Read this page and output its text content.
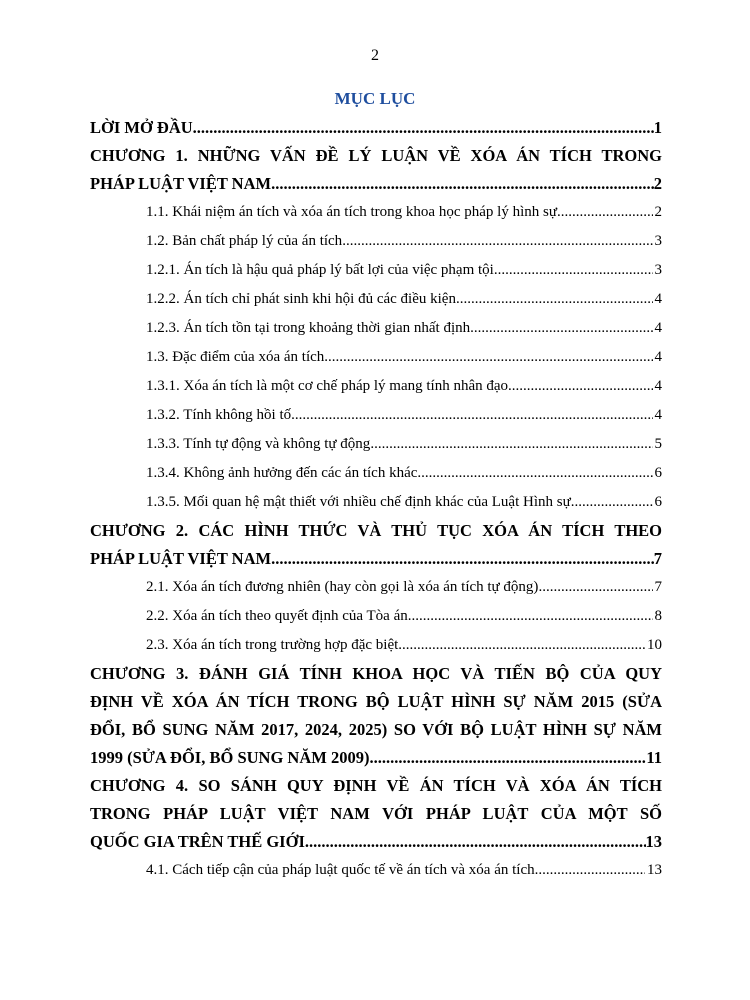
2
MỤC LỤC
LỜI MỞ ĐẦU .....	1
CHƯƠNG 1. NHỮNG VẤN ĐỀ LÝ LUẬN VỀ XÓA ÁN TÍCH TRONG
PHÁP LUẬT VIỆT NAM .....	2
1.1. Khái niệm án tích và xóa án tích trong khoa học pháp lý hình sự .....	2
1.2. Bản chất pháp lý của án tích .....	3
1.2.1. Án tích là hậu quả pháp lý bất lợi của việc phạm tội .....	3
1.2.2. Án tích chỉ phát sinh khi hội đủ các điều kiện .....	4
1.2.3. Án tích tồn tại trong khoảng thời gian nhất định .....	4
1.3. Đặc điểm của xóa án tích .....	4
1.3.1. Xóa án tích là một cơ chế pháp lý mang tính nhân đạo .....	4
1.3.2. Tính không hồi tố .....	4
1.3.3. Tính tự động và không tự động .....	5
1.3.4. Không ảnh hưởng đến các án tích khác .....	6
1.3.5. Mối quan hệ mật thiết với nhiều chế định khác của Luật Hình sự .....	6
CHƯƠNG 2. CÁC HÌNH THỨC VÀ THỦ TỤC XÓA ÁN TÍCH THEO
PHÁP LUẬT VIỆT NAM .....	7
2.1. Xóa án tích đương nhiên (hay còn gọi là xóa án tích tự động) .....	7
2.2. Xóa án tích theo quyết định của Tòa án .....	8
2.3. Xóa án tích trong trường hợp đặc biệt .....	10
CHƯƠNG 3. ĐÁNH GIÁ TÍNH KHOA HỌC VÀ TIẾN BỘ CỦA QUY
ĐỊNH VỀ XÓA ÁN TÍCH TRONG BỘ LUẬT HÌNH SỰ NĂM 2015 (SỬA
ĐỔI, BỔ SUNG NĂM 2017, 2024, 2025) SO VỚI BỘ LUẬT HÌNH SỰ NĂM
1999 (SỬA ĐỔI, BỔ SUNG NĂM 2009) .....	11
CHƯƠNG 4. SO SÁNH QUY ĐỊNH VỀ ÁN TÍCH VÀ XÓA ÁN TÍCH
TRONG PHÁP LUẬT VIỆT NAM VỚI PHÁP LUẬT CỦA MỘT SỐ
QUỐC GIA TRÊN THẾ GIỚI .....	13
4.1. Cách tiếp cận của pháp luật quốc tế về án tích và xóa án tích .....	13
